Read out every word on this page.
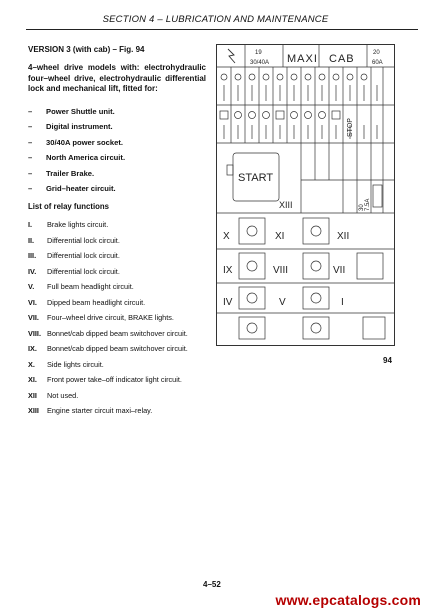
SECTION 4 – LUBRICATION AND MAINTENANCE

VERSION 3 (with cab) – Fig. 94

4–wheel drive models with: electrohydraulic four–wheel drive, electrohydraulic differential lock and mechanical lift, fitted for:

–	Power Shuttle unit.
–	Digital instrument.
–	30/40A power socket.
–	North America circuit.
–	Trailer Brake.
–	Grid–heater circuit.

List of relay functions

I.	Brake lights circuit.
II.	Differential lock circuit.
III.	Differential lock circuit.
IV.	Differential lock circuit.
V.	Full beam headlight circuit.
VI.	Dipped beam headlight circuit.
VII.	Four–wheel drive circuit, BRAKE lights.
VIII. Bonnet/cab dipped beam switchover circuit.
IX.	Bonnet/cab dipped beam switchover circuit.
X.	Side lights circuit.
XI.	Front power take–off indicator light circuit.
XII	Not used.
XIII	Engine starter circuit maxi–relay.
19
30/40A MAXI CAB	20
60A
STOP
START
XIII	30 7.5A
X	XI	XII
IX	VIII	VII
IV	V	I
94
4–52
www.epcatalogs.com
